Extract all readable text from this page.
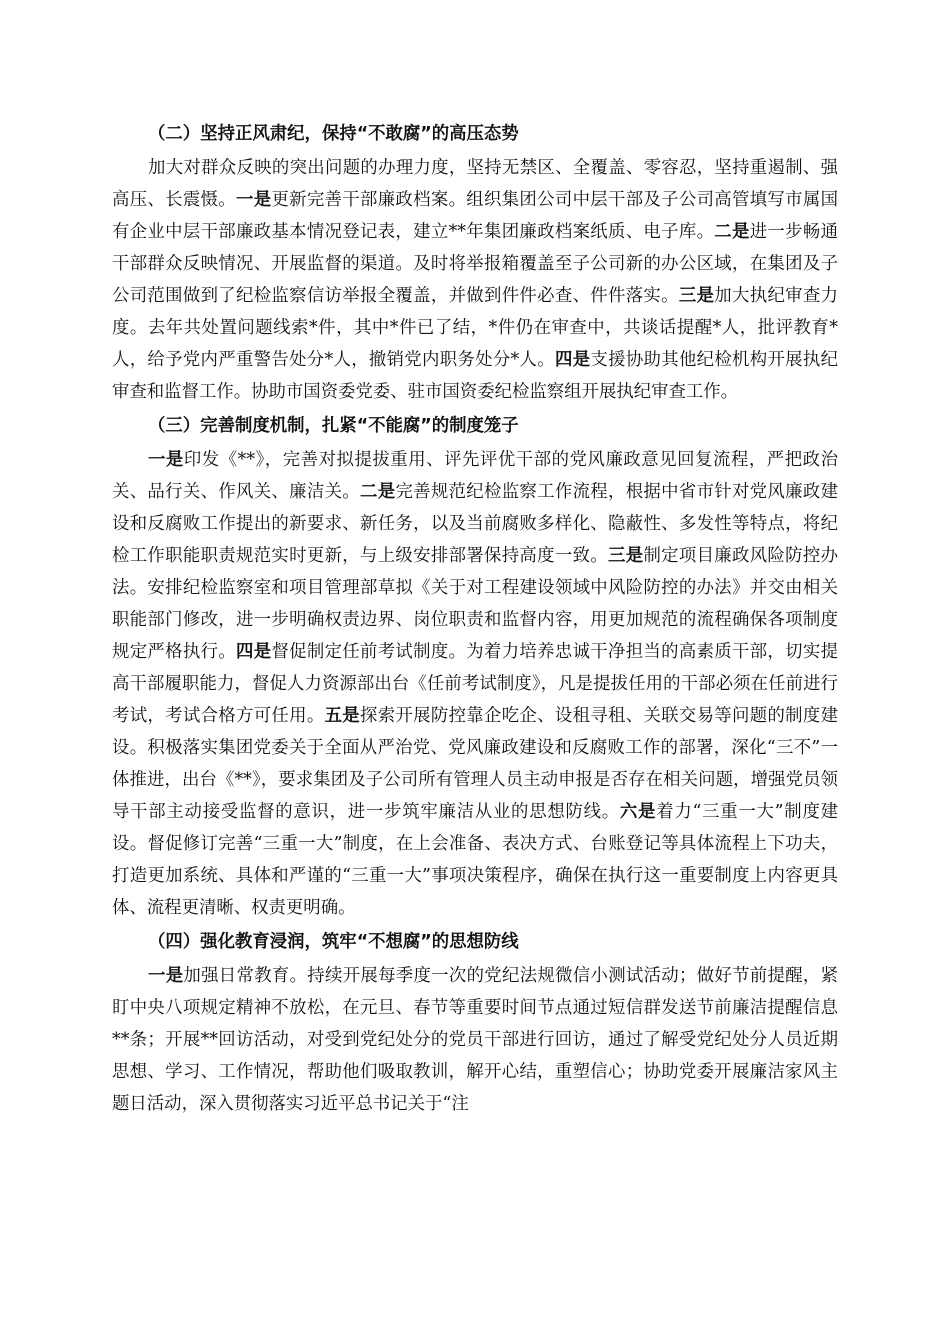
（二）坚持正风肃纪，保持“不敢腐”的高压态势
加大对群众反映的突出问题的办理力度，坚持无禁区、全覆盖、零容忍，坚持重遏制、强高压、长震慑。一是更新完善干部廉政档案。组织集团公司中层干部及子公司高管填写市属国有企业中层干部廉政基本情况登记表，建立**年集团廉政档案纸质、电子库。二是进一步畅通干部群众反映情况、开展监督的渠道。及时将举报箱覆盖至子公司新的办公区域，在集团及子公司范围做到了纪检监察信访举报全覆盖，并做到件件必查、件件落实。三是加大执纪审查力度。去年共处置问题线索*件，其中*件已了结，*件仍在审查中，共谈话提醒*人，批评教育*人，给予党内严重警告处分*人，撤销党内职务处分*人。四是支援协助其他纪检机构开展执纪审查和监督工作。协助市国资委党委、驻市国资委纪检监察组开展执纪审查工作。
（三）完善制度机制，扎紧“不能腐”的制度笼子
一是印发《**》，完善对拟提拔重用、评先评优干部的党风廉政意见回复流程，严把政治关、品行关、作风关、廉洁关。二是完善规范纪检监察工作流程，根据中省市针对党风廉政建设和反腐败工作提出的新要求、新任务，以及当前腐败多样化、隐蔽性、多发性等特点，将纪检工作职能职责规范实时更新，与上级安排部署保持高度一致。三是制定项目廉政风险防控办法。安排纪检监察室和项目管理部草拟《关于对工程建设领域中风险防控的办法》并交由相关职能部门修改，进一步明确权责边界、岗位职责和监督内容，用更加规范的流程确保各项制度规定严格执行。四是督促制定任前考试制度。为着力培养忠诚干净担当的高素质干部，切实提高干部履职能力，督促人力资源部出台《任前考试制度》，凡是提拔任用的干部必须在任前进行考试，考试合格方可任用。五是探索开展防控靠企吃企、设租寻租、关联交易等问题的制度建设。积极落实集团党委关于全面从严治党、党风廉政建设和反腐败工作的部署，深化“三不”一体推进，出台《**》，要求集团及子公司所有管理人员主动申报是否存在相关问题，增强党员领导干部主动接受监督的意识，进一步筑牢廉洁从业的思想防线。六是着力“三重一大”制度建设。督促修订完善“三重一大”制度，在上会准备、表决方式、台账登记等具体流程上下功夫，打造更加系统、具体和严谨的“三重一大”事项决策程序，确保在执行这一重要制度上内容更具体、流程更清晰、权责更明确。
（四）强化教育浸润，筑牢“不想腐”的思想防线
一是加强日常教育。持续开展每季度一次的党纪法规微信小测试活动；做好节前提醒，紧盯中央八项规定精神不放松，在元旦、春节等重要时间节点通过短信群发送节前廉洁提醒信息**条；开展**回访活动，对受到党纪处分的党员干部进行回访，通过了解受党纪处分人员近期思想、学习、工作情况，帮助他们吸取教训，解开心结，重塑信心；协助党委开展廉洁家风主题日活动，深入贯彻落实习近平总书记关于“注
